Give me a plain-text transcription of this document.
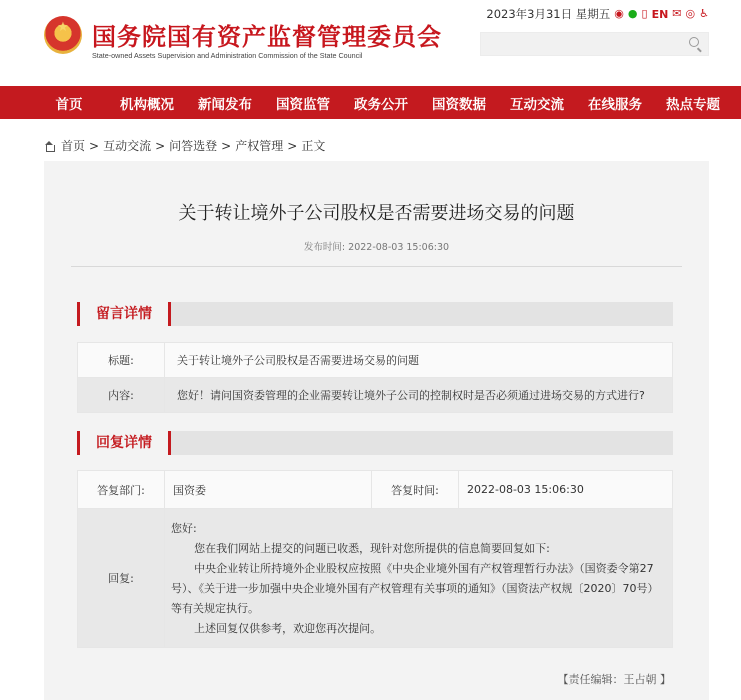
★
国务院国有资产监督管理委员会
State-owned Assets Supervision and Administration Commission of the State Council
2023年3月31日 星期五 ◉ ● ▯ EN ✉ ◎ ♿
首页	机构概况	新闻发布	国资监管	政务公开	国资数据	互动交流	在线服务	热点专题
首页 > 互动交流 > 问答选登 > 产权管理 > 正文
关于转让境外子公司股权是否需要进场交易的问题
发布时间: 2022-08-03 15:06:30
留言详情
标题:	关于转让境外子公司股权是否需要进场交易的问题
内容:	您好！请问国资委管理的企业需要转让境外子公司的控制权时是否必须通过进场交易的方式进行?
回复详情
答复部门:	国资委	答复时间:	2022-08-03 15:06:30
回复:	您好:

您在我们网站上提交的问题已收悉，现针对您所提供的信息简要回复如下:

中央企业转让所持境外企业股权应按照《中央企业境外国有产权管理暂行办法》（国资委令第27号）、《关于进一步加强中央企业境外国有产权管理有关事项的通知》（国资法产权规〔2020〕70号）等有关规定执行。

上述回复仅供参考，欢迎您再次提问。		

【责任编辑：王占朝 】
